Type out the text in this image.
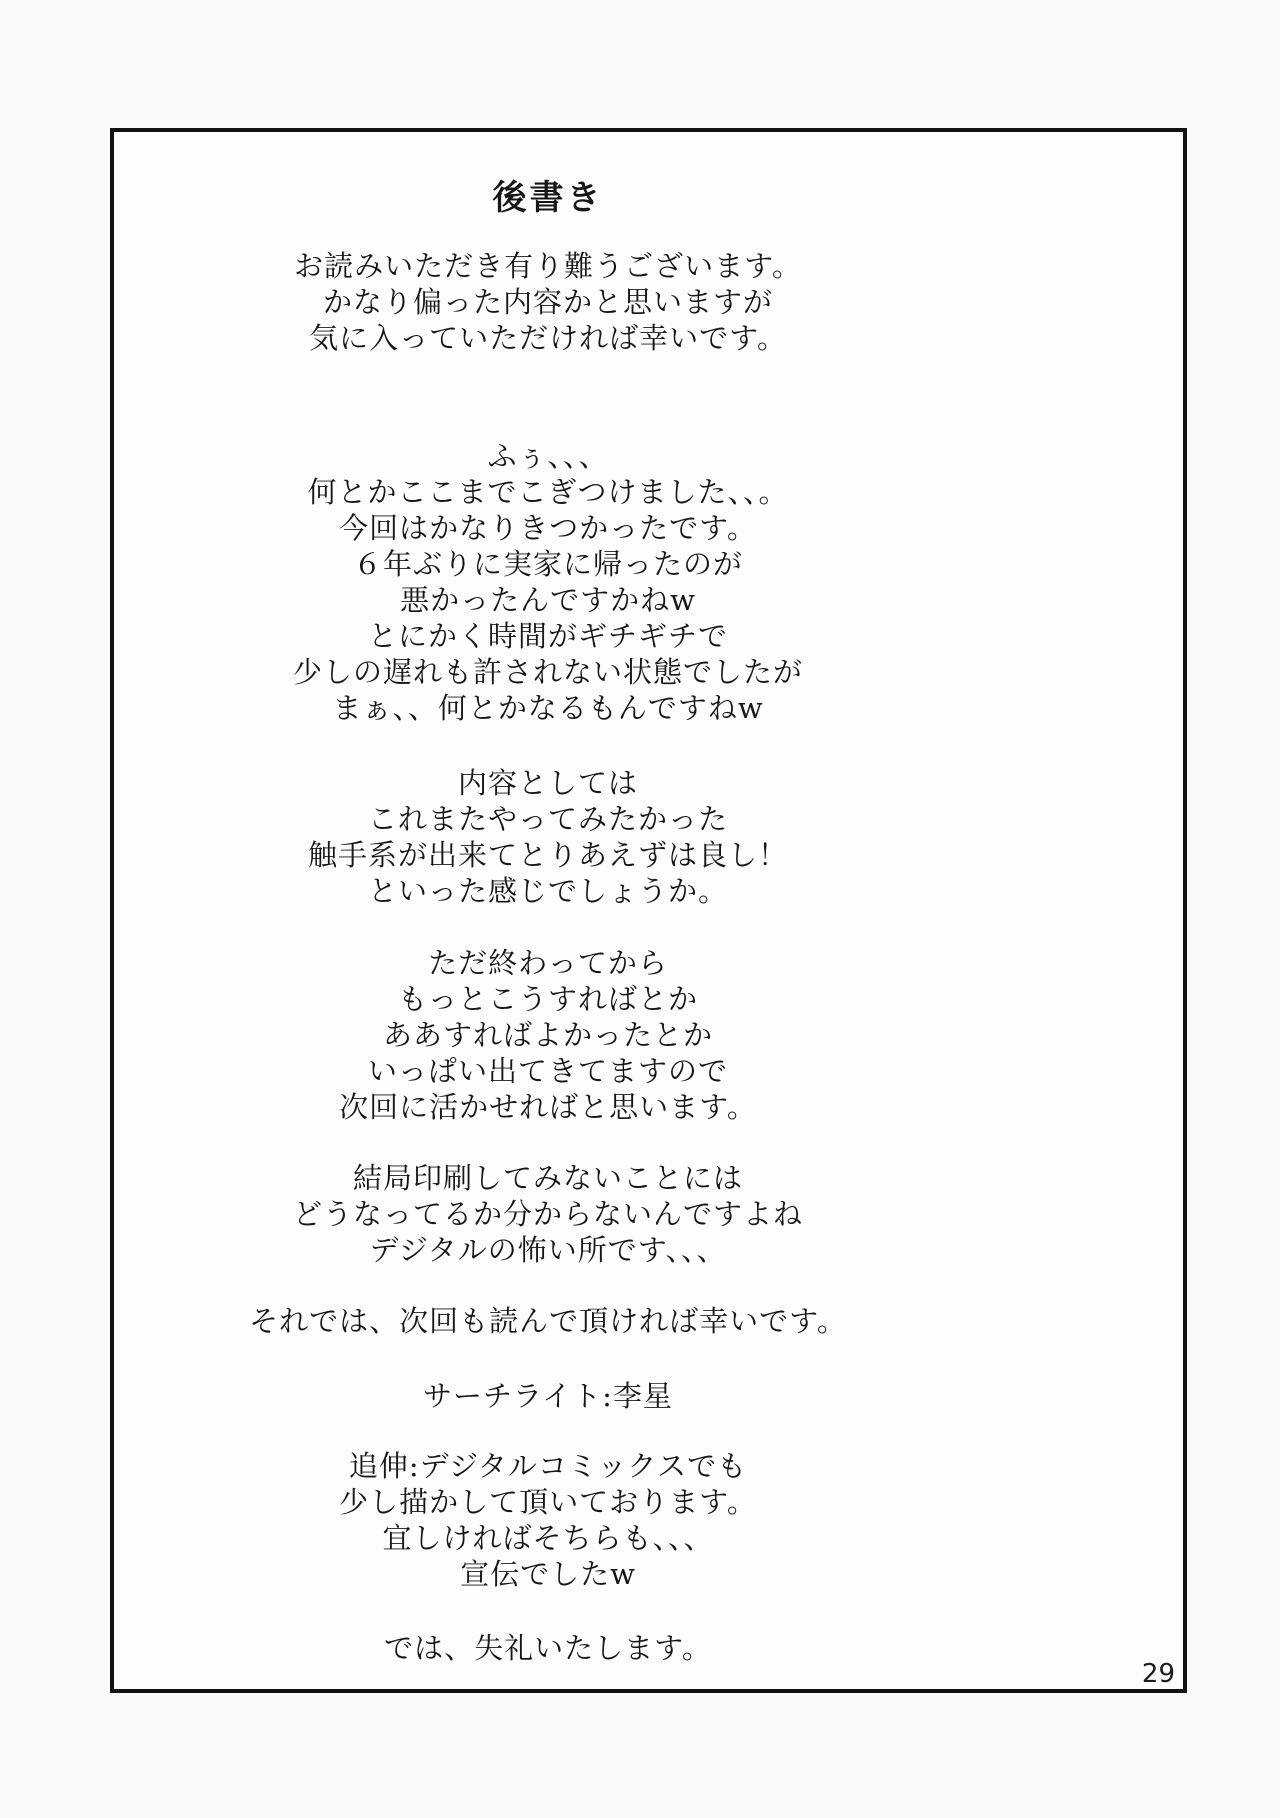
後書き
お読みいただき有り難うございます。
かなり偏った内容かと思いますが
気に入っていただければ幸いです。
ふぅ、、、
何とかここまでこぎつけました、、。
今回はかなりきつかったです。
６年ぶりに実家に帰ったのが
悪かったんですかねw
とにかく時間がギチギチで
少しの遅れも許されない状態でしたが
まぁ、、何とかなるもんですねw
内容としては
これまたやってみたかった
触手系が出来てとりあえずは良し！
といった感じでしょうか。
ただ終わってから
もっとこうすればとか
ああすればよかったとか
いっぱい出てきてますので
次回に活かせればと思います。
結局印刷してみないことには
どうなってるか分からないんですよね
デジタルの怖い所です、、、
それでは、次回も読んで頂ければ幸いです。
サーチライト:李星
追伸:デジタルコミックスでも
少し描かして頂いております。
宜しければそちらも、、、
宣伝でしたw
では、失礼いたします。
29
